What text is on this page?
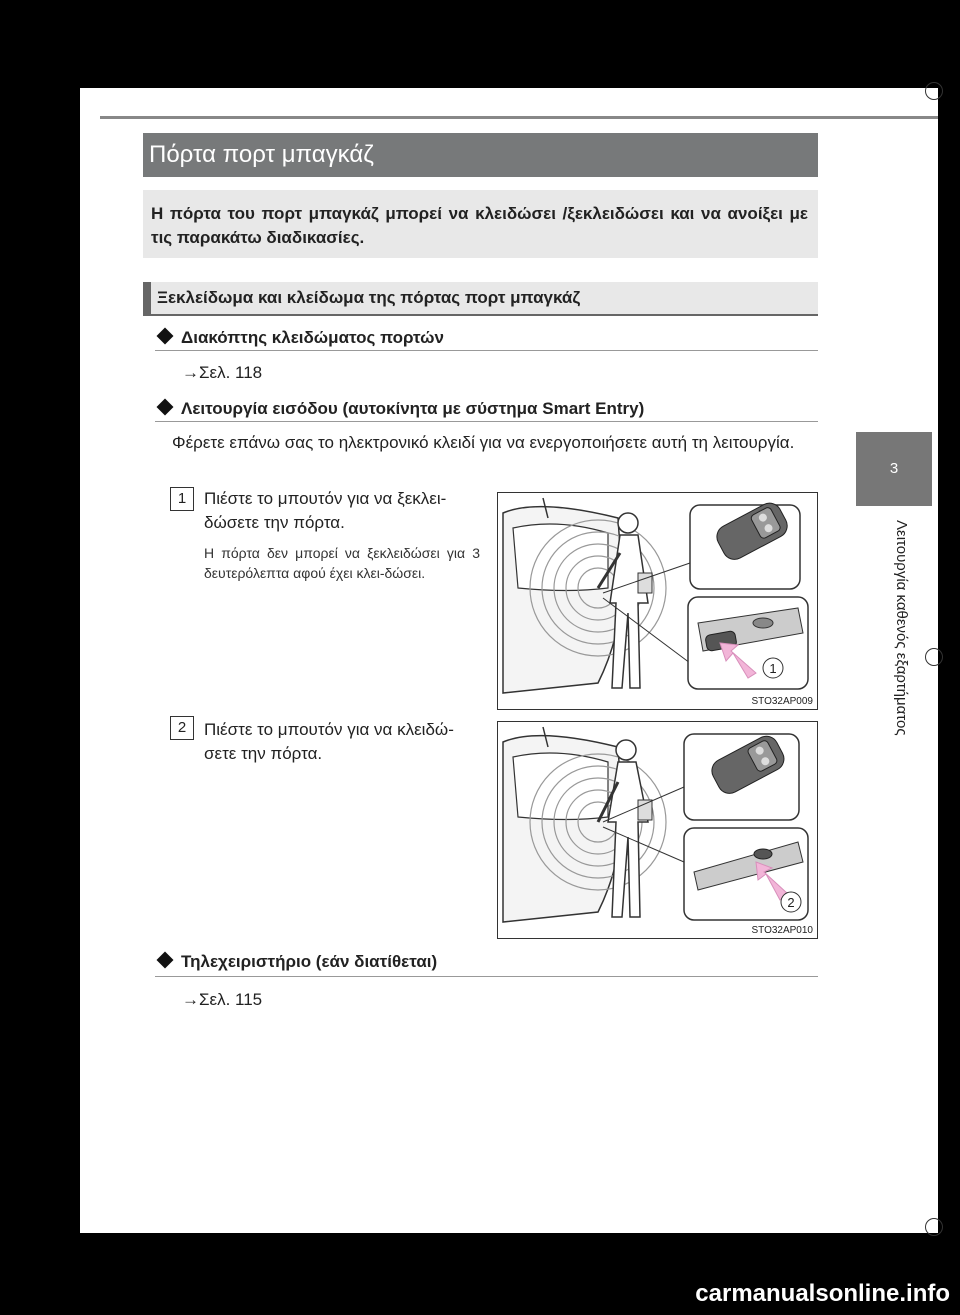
3-2. Άνοιγμα, κλείσιμο και κλείδωμα των πορτών
Πόρτα πορτ μπαγκάζ
Η πόρτα του πορτ μπαγκάζ μπορεί να κλειδώσει /ξεκλειδώσει και να ανοίξει με τις παρακάτω διαδικασίες.
Ξεκλείδωμα και κλείδωμα της πόρτας πορτ μπαγκάζ
Διακόπτης κλειδώματος πορτών
→Σελ. 118
Λειτουργία εισόδου (αυτοκίνητα με σύστημα Smart Entry)
Φέρετε επάνω σας το ηλεκτρονικό κλειδί για να ενεργοποιήσετε αυτή τη λειτουργία.
1	Πιέστε το μπουτόν για να ξεκλει-δώσετε την πόρτα.
Η πόρτα δεν μπορεί να ξεκλειδώσει για 3 δευτερόλεπτα αφού έχει κλει-δώσει.
1
STO32AP009
2	Πιέστε το μπουτόν για να κλειδώ-σετε την πόρτα.
2
STO32AP010
Τηλεχειριστήριο (εάν διατίθεται)
→Σελ. 115
3
Λειτουργία καθενός εξαρτήματος
carmanualsonline.info
